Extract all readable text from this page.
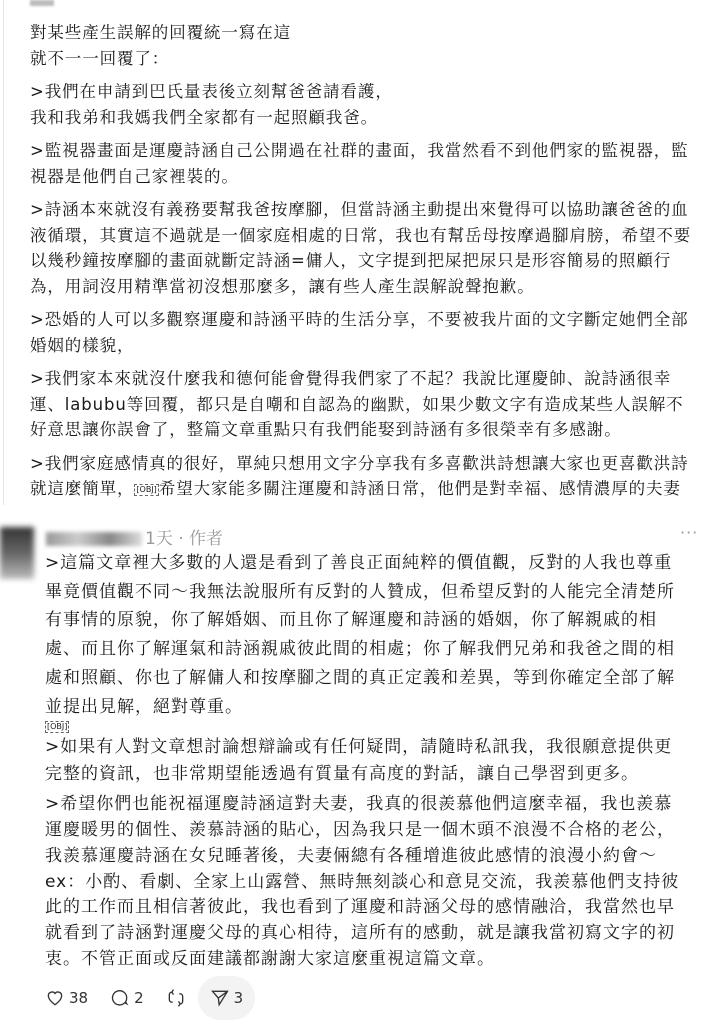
對某些產生誤解的回覆統一寫在這
就不一一回覆了：
>我們在申請到巴氏量表後立刻幫爸爸請看護，
我和我弟和我媽我們全家都有一起照顧我爸。
>監視器畫面是運慶詩涵自己公開過在社群的畫面，我當然看不到他們家的監視器，監
視器是他們自己家裡裝的。
>詩涵本來就沒有義務要幫我爸按摩腳，但當詩涵主動提出來覺得可以協助讓爸爸的血
液循環，其實這不過就是一個家庭相處的日常，我也有幫岳母按摩過腳肩膀，希望不要
以幾秒鐘按摩腳的畫面就斷定詩涵=傭人，文字提到把屎把尿只是形容簡易的照顧行
為，用詞沒用精準當初沒想那麼多，讓有些人產生誤解說聲抱歉。
>恐婚的人可以多觀察運慶和詩涵平時的生活分享，不要被我片面的文字斷定她們全部
婚姻的樣貌，
>我們家本來就沒什麼我和德何能會覺得我們家了不起？我說比運慶帥、說詩涵很幸
運、labubu等回覆，都只是自嘲和自認為的幽默，如果少數文字有造成某些人誤解不
好意思讓你誤會了，整篇文章重點只有我們能娶到詩涵有多很榮幸有多感謝。
>我們家庭感情真的很好，單純只想用文字分享我有多喜歡洪詩想讓大家也更喜歡洪詩
就這麼簡單， [OBJ] 希望大家能多關注運慶和詩涵日常，他們是對幸福、感情濃厚的夫妻
1天 · 作者	···
>這篇文章裡大多數的人還是看到了善良正面純粹的價值觀，反對的人我也尊重
畢竟價值觀不同～我無法說服所有反對的人贊成，但希望反對的人能完全清楚所
有事情的原貌，你了解婚姻、而且你了解運慶和詩涵的婚姻，你了解親戚的相
處、而且你了解運氣和詩涵親戚彼此間的相處；你了解我們兄弟和我爸之間的相
處和照顧、你也了解傭人和按摩腳之間的真正定義和差異，等到你確定全部了解
並提出見解，絕對尊重。
[OBJ]
>如果有人對文章想討論想辯論或有任何疑問，請隨時私訊我，我很願意提供更
完整的資訊，也非常期望能透過有質量有高度的對話，讓自己學習到更多。
>希望你們也能祝福運慶詩涵這對夫妻，我真的很羨慕他們這麼幸福，我也羨慕
運慶暖男的個性、羨慕詩涵的貼心，因為我只是一個木頭不浪漫不合格的老公，
我羨慕運慶詩涵在女兒睡著後，夫妻倆總有各種增進彼此感情的浪漫小約會～
ex：小酌、看劇、全家上山露營、無時無刻談心和意見交流，我羨慕他們支持彼
此的工作而且相信著彼此，我也看到了運慶和詩涵父母的感情融洽，我當然也早
就看到了詩涵對運慶父母的真心相待，這所有的感動，就是讓我當初寫文字的初
衷。不管正面或反面建議都謝謝大家這麼重視這篇文章。
38	2	3
